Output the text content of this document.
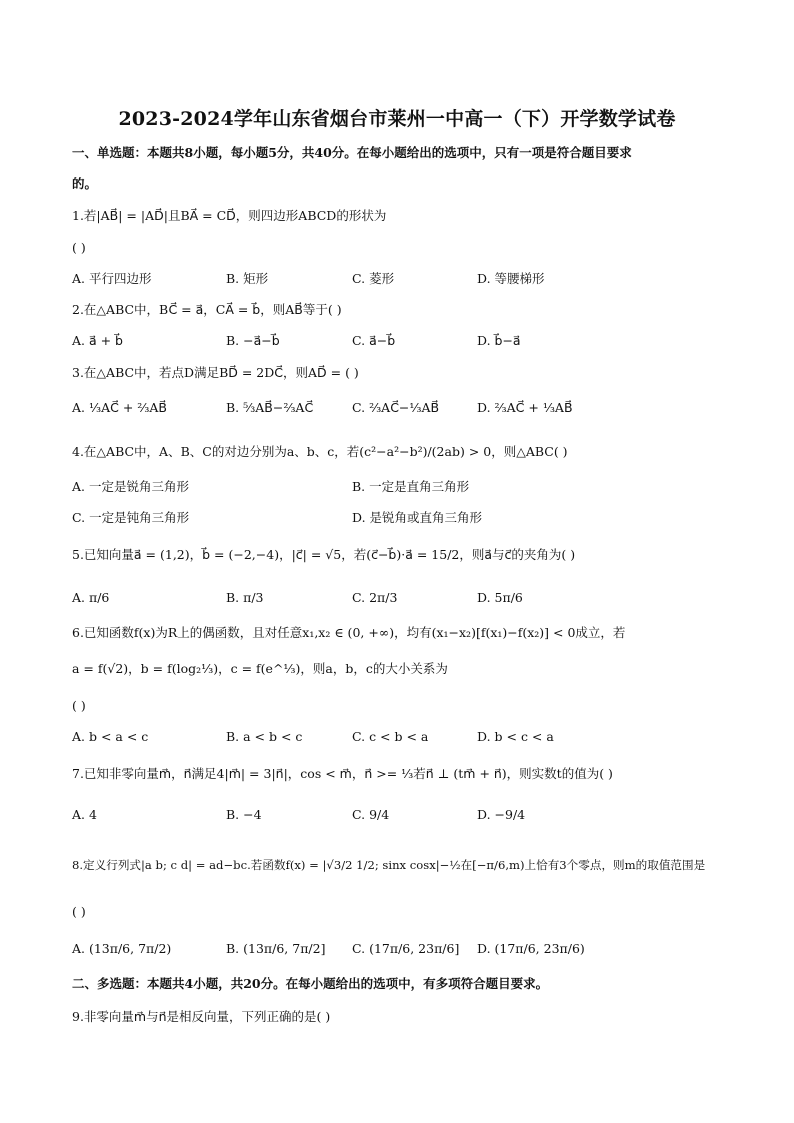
2023-2024学年山东省烟台市莱州一中高一（下）开学数学试卷
一、单选题：本题共8小题，每小题5分，共40分。在每小题给出的选项中，只有一项是符合题目要求
的。
1.若|AB⃗| = |AD⃗|且BA⃗ = CD⃗，则四边形ABCD的形状为
( )
A. 平行四边形	B. 矩形	C. 菱形	D. 等腰梯形
2.在△ABC中，BC⃗ = a⃗，CA⃗ = b⃗，则AB⃗等于( )
A. a⃗ + b⃗	B. −a⃗−b⃗	C. a⃗−b⃗	D. b⃗−a⃗
3.在△ABC中，若点D满足BD⃗ = 2DC⃗，则AD⃗ = ( )
A. ⅓AC⃗ + ⅔AB⃗	B. ⁵⁄₃AB⃗−⅔AC⃗	C. ⅔AC⃗−⅓AB⃗	D. ⅔AC⃗ + ⅓AB⃗
4.在△ABC中，A、B、C的对边分别为a、b、c，若(c²−a²−b²)/(2ab) > 0，则△ABC( )
A. 一定是锐角三角形	B. 一定是直角三角形
C. 一定是钝角三角形	D. 是锐角或直角三角形
5.已知向量a⃗ = (1,2)，b⃗ = (−2,−4)，|c⃗| = √5，若(c⃗−b⃗)·a⃗ = 15/2，则a⃗与c⃗的夹角为( )
A. π/6	B. π/3	C. 2π/3	D. 5π/6
6.已知函数f(x)为R上的偶函数，且对任意x₁,x₂ ∈ (0, +∞)，均有(x₁−x₂)[f(x₁)−f(x₂)] < 0成立，若
a = f(√2)，b = f(log₂⅓)，c = f(e^⅓)，则a，b，c的大小关系为
( )
A. b < a < c	B. a < b < c	C. c < b < a	D. b < c < a
7.已知非零向量m⃗，n⃗满足4|m⃗| = 3|n⃗|，cos < m⃗，n⃗ >= ⅓若n⃗ ⊥ (tm⃗ + n⃗)，则实数t的值为( )
A. 4	B. −4	C. 9/4	D. −9/4
8.定义行列式|a b; c d| = ad−bc.若函数f(x) = |√3/2 1/2; sinx cosx|−½在[−π/6,m)上恰有3个零点，则m的取值范围是
( )
A. (13π/6, 7π/2)	B. (13π/6, 7π/2] C. (17π/6, 23π/6] D. (17π/6, 23π/6)
二、多选题：本题共4小题，共20分。在每小题给出的选项中，有多项符合题目要求。
9.非零向量m⃗与n⃗是相反向量，下列正确的是( )
